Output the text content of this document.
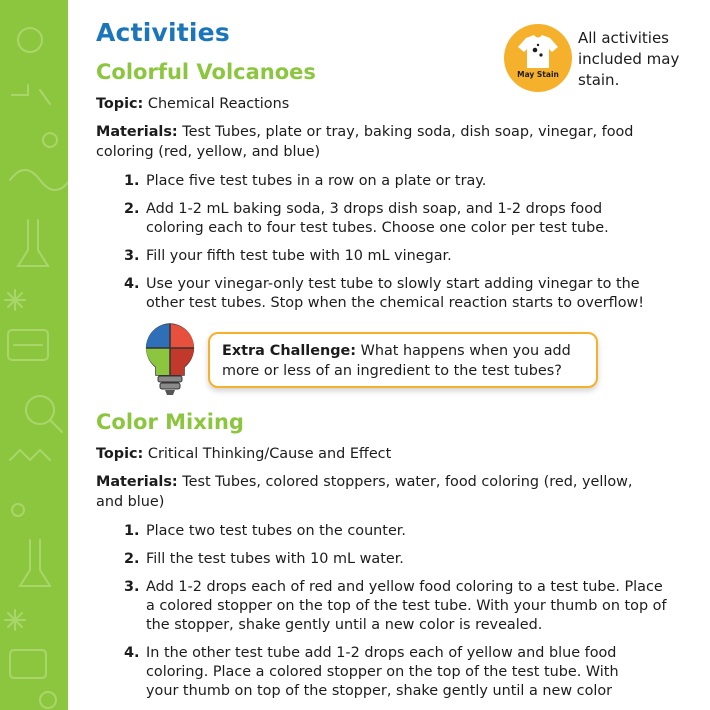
Activities
May Stain
All activities included may stain.
Colorful Volcanoes
Topic: Chemical Reactions
Materials: Test Tubes, plate or tray, baking soda, dish soap, vinegar, food
coloring (red, yellow, and blue)
1. Place five test tubes in a row on a plate or tray.
2. Add 1-2 mL baking soda, 3 drops dish soap, and 1-2 drops food
coloring each to four test tubes. Choose one color per test tube.
3. Fill your fifth test tube with 10 mL vinegar.
4. Use your vinegar-only test tube to slowly start adding vinegar to the
other test tubes. Stop when the chemical reaction starts to overflow!
Extra Challenge: What happens when you add
more or less of an ingredient to the test tubes?
Color Mixing
Topic: Critical Thinking/Cause and Effect
Materials: Test Tubes, colored stoppers, water, food coloring (red, yellow,
and blue)
1. Place two test tubes on the counter.
2. Fill the test tubes with 10 mL water.
3. Add 1-2 drops each of red and yellow food coloring to a test tube. Place
a colored stopper on the top of the test tube. With your thumb on top of
the stopper, shake gently until a new color is revealed.
4. In the other test tube add 1-2 drops each of yellow and blue food
coloring. Place a colored stopper on the top of the test tube. With
your thumb on top of the stopper, shake gently until a new color
